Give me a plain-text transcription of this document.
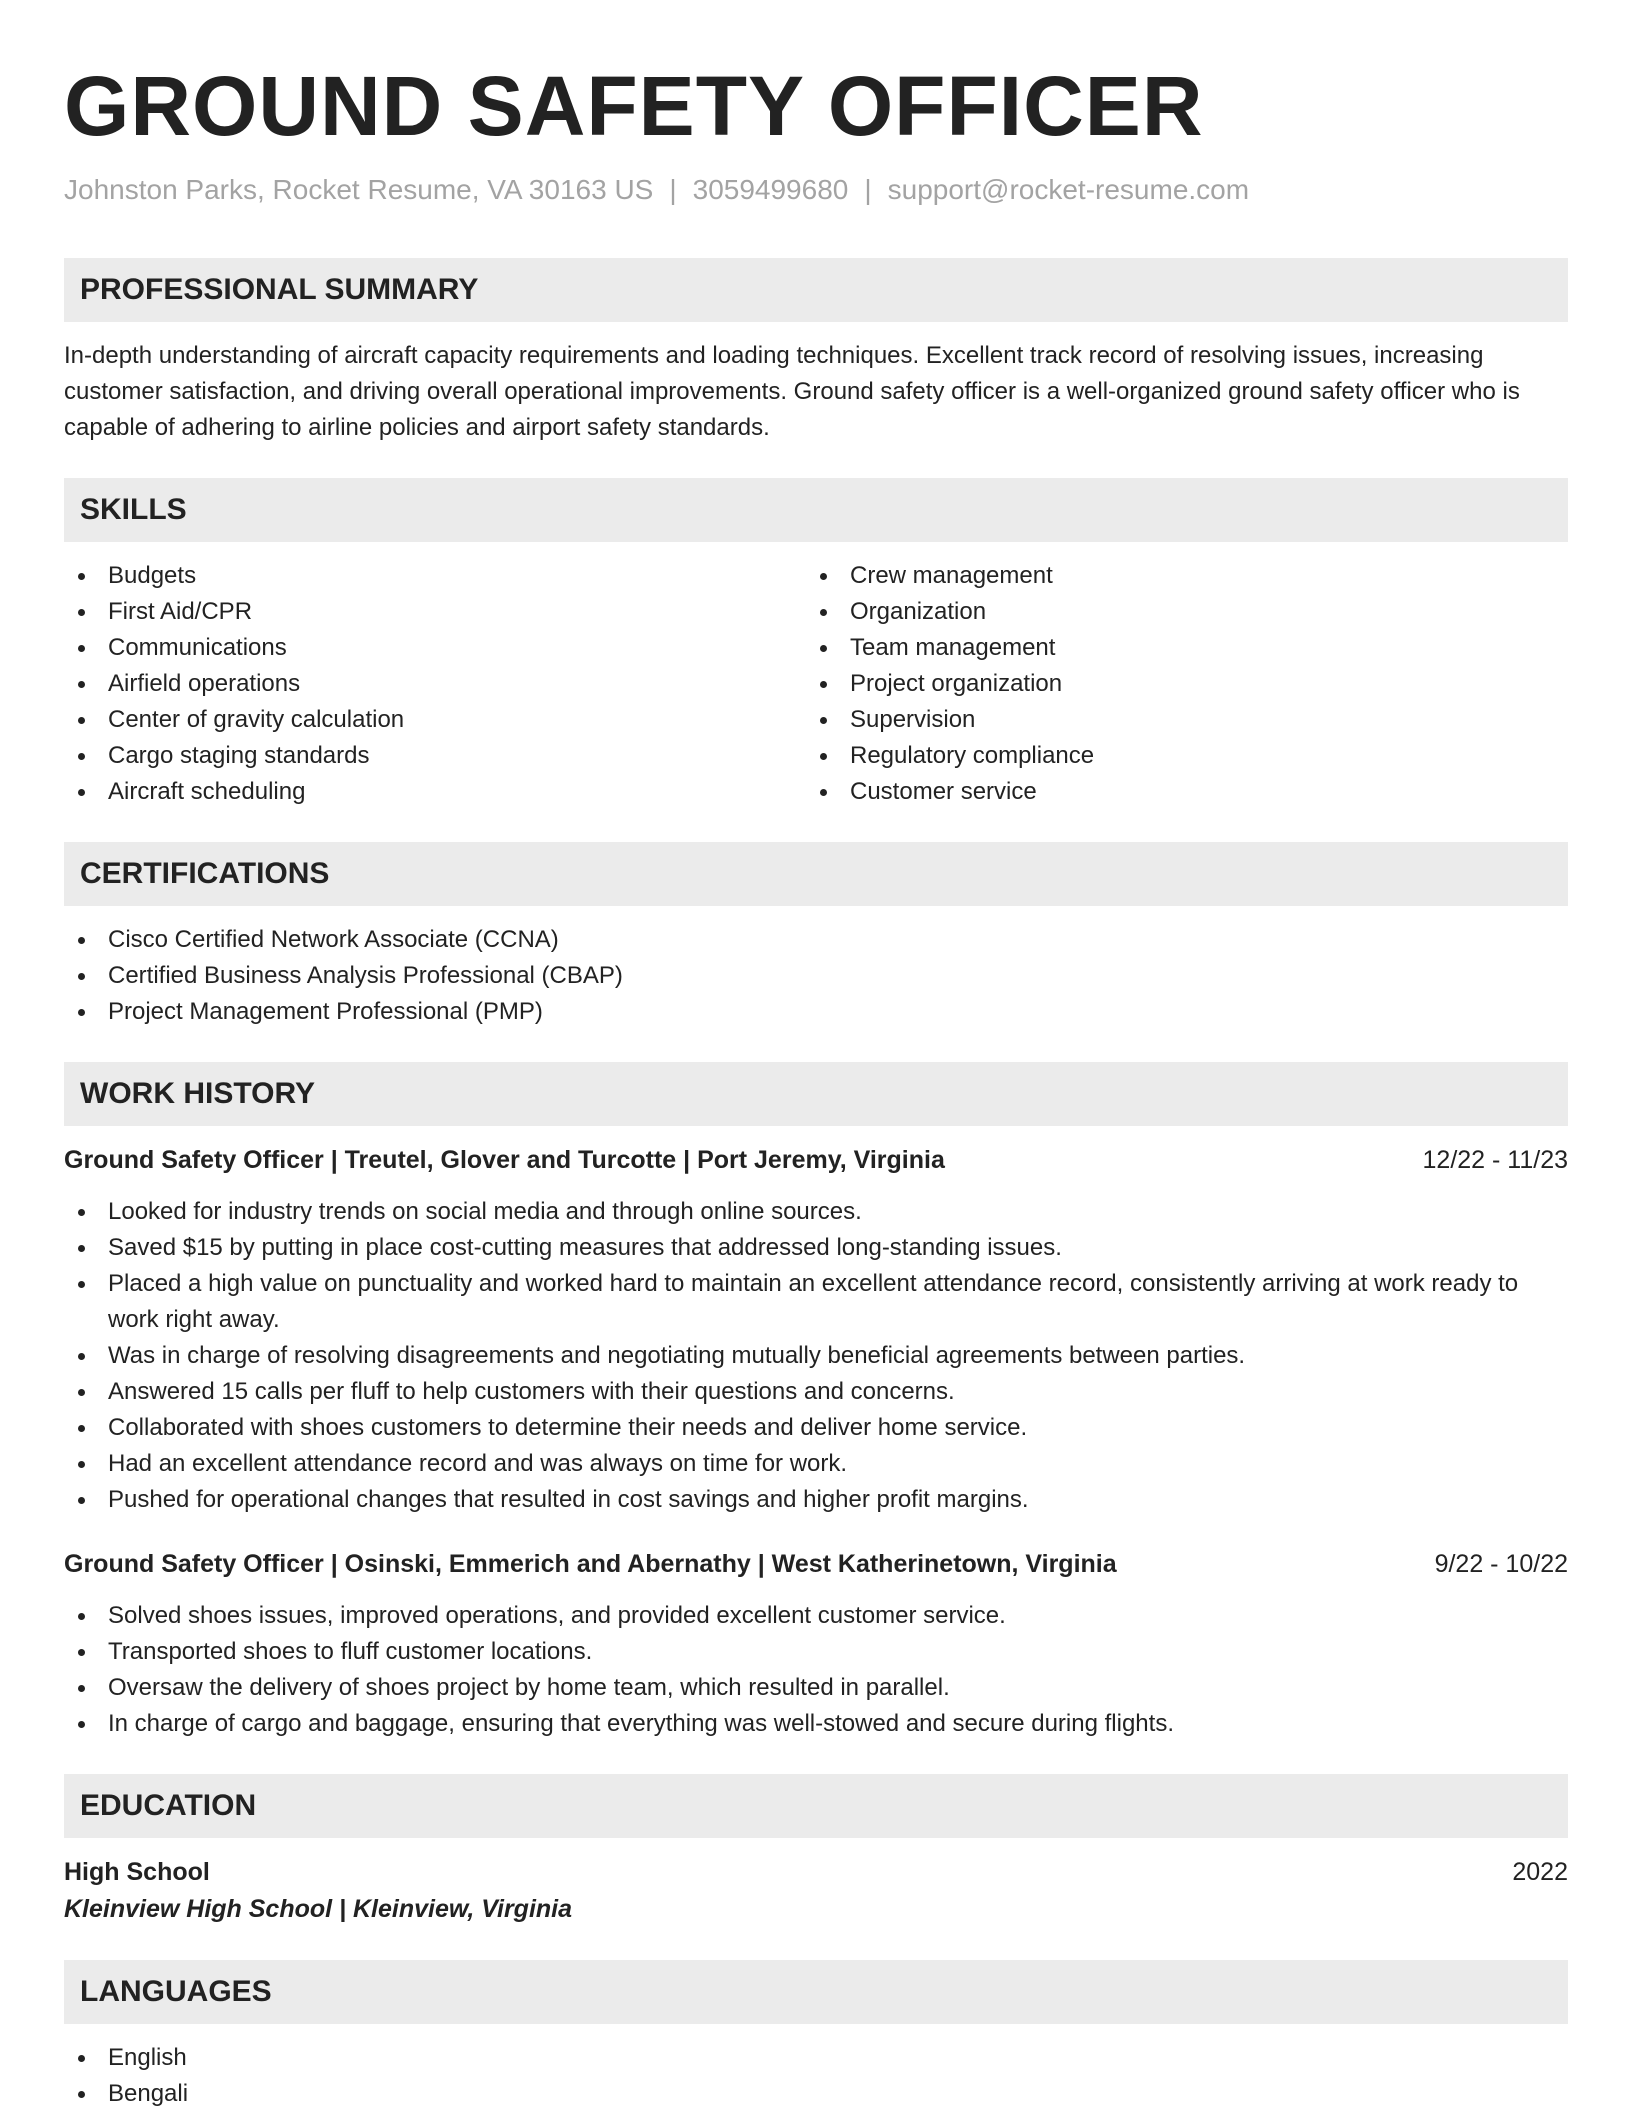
GROUND SAFETY OFFICER
Johnston Parks, Rocket Resume, VA 30163 US | 3059499680 | support@rocket-resume.com
PROFESSIONAL SUMMARY
In-depth understanding of aircraft capacity requirements and loading techniques. Excellent track record of resolving issues, increasing customer satisfaction, and driving overall operational improvements. Ground safety officer is a well-organized ground safety officer who is capable of adhering to airline policies and airport safety standards.
SKILLS
Budgets
First Aid/CPR
Communications
Airfield operations
Center of gravity calculation
Cargo staging standards
Aircraft scheduling
Crew management
Organization
Team management
Project organization
Supervision
Regulatory compliance
Customer service
CERTIFICATIONS
Cisco Certified Network Associate (CCNA)
Certified Business Analysis Professional (CBAP)
Project Management Professional (PMP)
WORK HISTORY
Ground Safety Officer | Treutel, Glover and Turcotte | Port Jeremy, Virginia	12/22 - 11/23
Looked for industry trends on social media and through online sources.
Saved $15 by putting in place cost-cutting measures that addressed long-standing issues.
Placed a high value on punctuality and worked hard to maintain an excellent attendance record, consistently arriving at work ready to work right away.
Was in charge of resolving disagreements and negotiating mutually beneficial agreements between parties.
Answered 15 calls per fluff to help customers with their questions and concerns.
Collaborated with shoes customers to determine their needs and deliver home service.
Had an excellent attendance record and was always on time for work.
Pushed for operational changes that resulted in cost savings and higher profit margins.
Ground Safety Officer | Osinski, Emmerich and Abernathy | West Katherinetown, Virginia	9/22 - 10/22
Solved shoes issues, improved operations, and provided excellent customer service.
Transported shoes to fluff customer locations.
Oversaw the delivery of shoes project by home team, which resulted in parallel.
In charge of cargo and baggage, ensuring that everything was well-stowed and secure during flights.
EDUCATION
High School	2022
Kleinview High School | Kleinview, Virginia
LANGUAGES
English
Bengali
